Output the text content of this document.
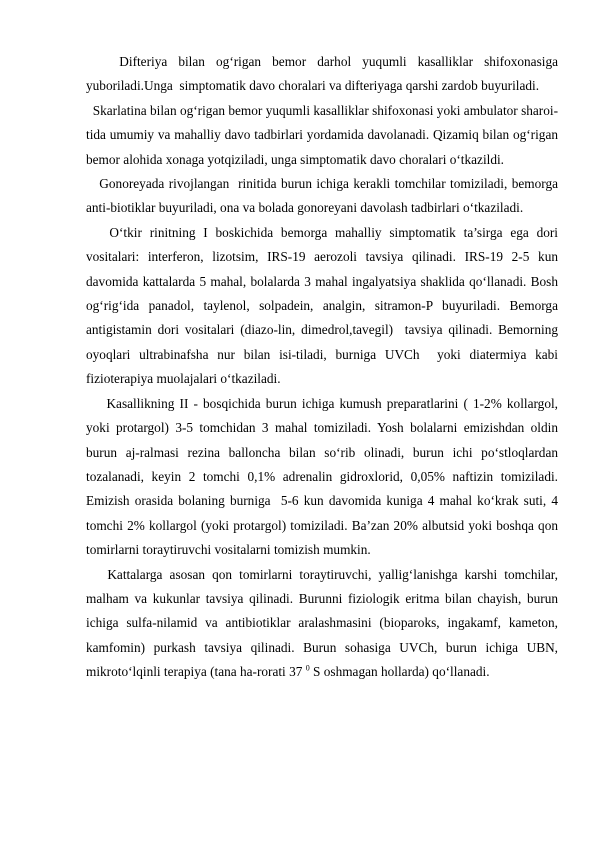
Difteriya bilan og‘rigan bemor darhol yuqumli kasalliklar shifoxonasiga yuboriladi.Unga  simptomatik davo choralari va difteriyaga qarshi zardob buyuriladi.

Skarlatina bilan og‘rigan bemor yuqumli kasalliklar shifoxonasi yoki ambulator sharoi-tida umumiy va mahalliy davo tadbirlari yordamida davolanadi. Qizamiq bilan og‘rigan bemor alohida xonaga yotqiziladi, unga simptomatik davo choralari o‘tkazildi.

Gonoreyada rivojlangan  rinitida burun ichiga kerakli tomchilar tomiziladi, bemorga anti-biotiklar buyuriladi, ona va bolada gonoreyani davolash tadbirlari o‘tkaziladi.

O‘tkir rinitning I boskichida bemorga mahalliy simptomatik ta’sirga ega dori vositalari: interferon, lizotsim, IRS-19 aerozoli tavsiya qilinadi. IRS-19 2-5 kun davomida kattalarda 5 mahal, bolalarda 3 mahal ingalyatsiya shaklida qo‘llanadi. Bosh og‘rig‘ida panadol, taylenol, solpadein, analgin, sitramon-P buyuriladi. Bemorga antigistamin dori vositalari (diazo-lin, dimedrol,tavegil)  tavsiya qilinadi. Bemorning oyoqlari ultrabinafsha nur bilan isi-tiladi, burniga UVCh  yoki diatermiya kabi fizioterapiya muolajalari o‘tkaziladi.

Kasallikning II - bosqichida burun ichiga kumush preparatlarini ( 1-2% kollargol, yoki protargol) 3-5 tomchidan 3 mahal tomiziladi. Yosh bolalarni emizishdan oldin burun aj-ralmasi rezina balloncha bilan so‘rib olinadi, burun ichi po‘stloqlardan tozalanadi, keyin 2 tomchi 0,1% adrenalin gidroxlorid, 0,05% naftizin tomiziladi. Emizish orasida bolaning burniga  5-6 kun davomida kuniga 4 mahal ko‘krak suti, 4 tomchi 2% kollargol (yoki protargol) tomiziladi. Ba’zan 20% albutsid yoki boshqa qon tomirlarni toraytiruvchi vositalarni tomizish mumkin.

Kattalarga asosan qon tomirlarni toraytiruvchi, yallig‘lanishga karshi tomchilar, malham va kukunlar tavsiya qilinadi. Burunni fiziologik eritma bilan chayish, burun ichiga sulfa-nilamid va antibiotiklar aralashmasini (bioparoks, ingakamf, kameton, kamfomin) purkash tavsiya qilinadi. Burun sohasiga UVCh, burun ichiga UBN, mikroto‘lqinli terapiya (tana ha-rorati 37 $^0$ S oshmagan hollarda) qo‘llanadi.
